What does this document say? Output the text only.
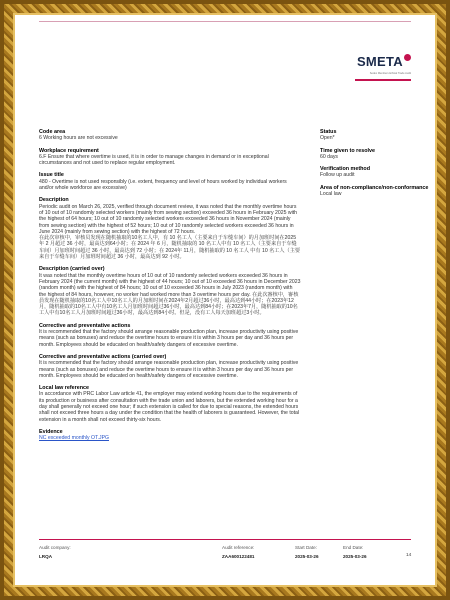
SMETA
Sedex Members Ethical Trade Audit
Code area

6 Working hours are not excessive

Workplace requirement

6.F Ensure that where overtime is used, it is in order to manage changes in demand or in exceptional circumstances and not used to replace regular employment.

Issue title

480 - Overtime is not used responsibly (i.e. extent, frequency and level of hours worked by individual workers and/or whole workforce are excessive)

Description

Periodic audit on March 26, 2025, verified through document review, it was noted that the monthly overtime hours of 10 out of 10 randomly selected workers (mainly from sewing section) exceeded 36 hours in February 2025 with the highest of 64 hours; 10 out of 10 randomly selected workers exceeded 36 hours in November 2024 (mainly from sewing section) with the highest of 52 hours; 10 out of 10 randomly selected workers exceeded 36 hours in June 2024 (mainly from sewing section) with the highest of 72 hours.
在此次审核中，审核员发现在随机抽取的10名工人中，有 10 名工人（主要来自于车缝车间）的月加班时间在2025年 2 月超过 36 小时，最高达到64小时；在 2024 年 6 月，随机抽取的 10 名工人中有 10 名工人（主要来自于车缝车间）月加班时间超过 36 小时，最高达到 72 小时；在 2024年 11月，随机抽取的 10 名工人 中有 10 名工人（主要来自于车缝车间）月加班时间超过 36 小时，最高达到 92 小时。

Description (carried over)

It was noted that the monthly overtime hours of 10 out of 10 randomly selected workers exceeded 36 hours in February 2024 (the current month) with the highest of 44 hours; 10 out of 10 exceeded 36 hours in December 2023 (random month) with the highest of 84 hours; 10 out of 10 exceeded 36 hours in July 2023 (random month) with the highest of 84 hours, however, no worker had worked more than 3 overtime hours per day. 在此次審核中，審核員发现在随机抽取的10名工人中10名工人的月加班时间在2024年2月超过36小时，最高达到44小时；在2023年12月，随机抽取的10名工人中有10名工人月加班时间超过36小时，最高达到84小时；在2023年7月，随机抽取的10名工人中有10名工人月加班时间超过36小时，最高达到84小时。但是，没有工人每天加班超过3小时。

Corrective and preventative actions

It is recommended that the factory should arrange reasonable production plan, increase productivity using positive means (such as bonuses) and reduce the overtime hours to ensure it is within 3 hours per day and 36 hours per month. Employees should be educated on health/safety dangers of excessive overtime.

Corrective and preventative actions (carried over)

It is recommended that the factory should arrange reasonable production plan, increase productivity using positive means (such as bonuses) and reduce the overtime hours to ensure it is within 3 hours per day and 36 hours per month. Employees should be educated on health/safety dangers of excessive overtime.

Local law reference

In accordance with PRC Labor Law article 41, the employer may extend working hours due to the requirements of its production or business after consultation with the trade union and laborers, but the extended working hour for a day shall generally not exceed one hour; if such extension is called for due to special reasons, the extended hours shall not exceed three hours a day under the condition that the health of laborers is guaranteed. However, the total extension in a month shall not exceed thirty-six hours.

Evidence

NC exceeded monthly OT.JPG

Status

Open*

Time given to resolve

60 days

Verification method

Follow up audit

Area of non-compliance/non-conformance

Local law

Audit company:
LRQA
Audit reference:
ZAA600122481
Start Date:
2025-03-26
End Date:
2025-03-26	14
